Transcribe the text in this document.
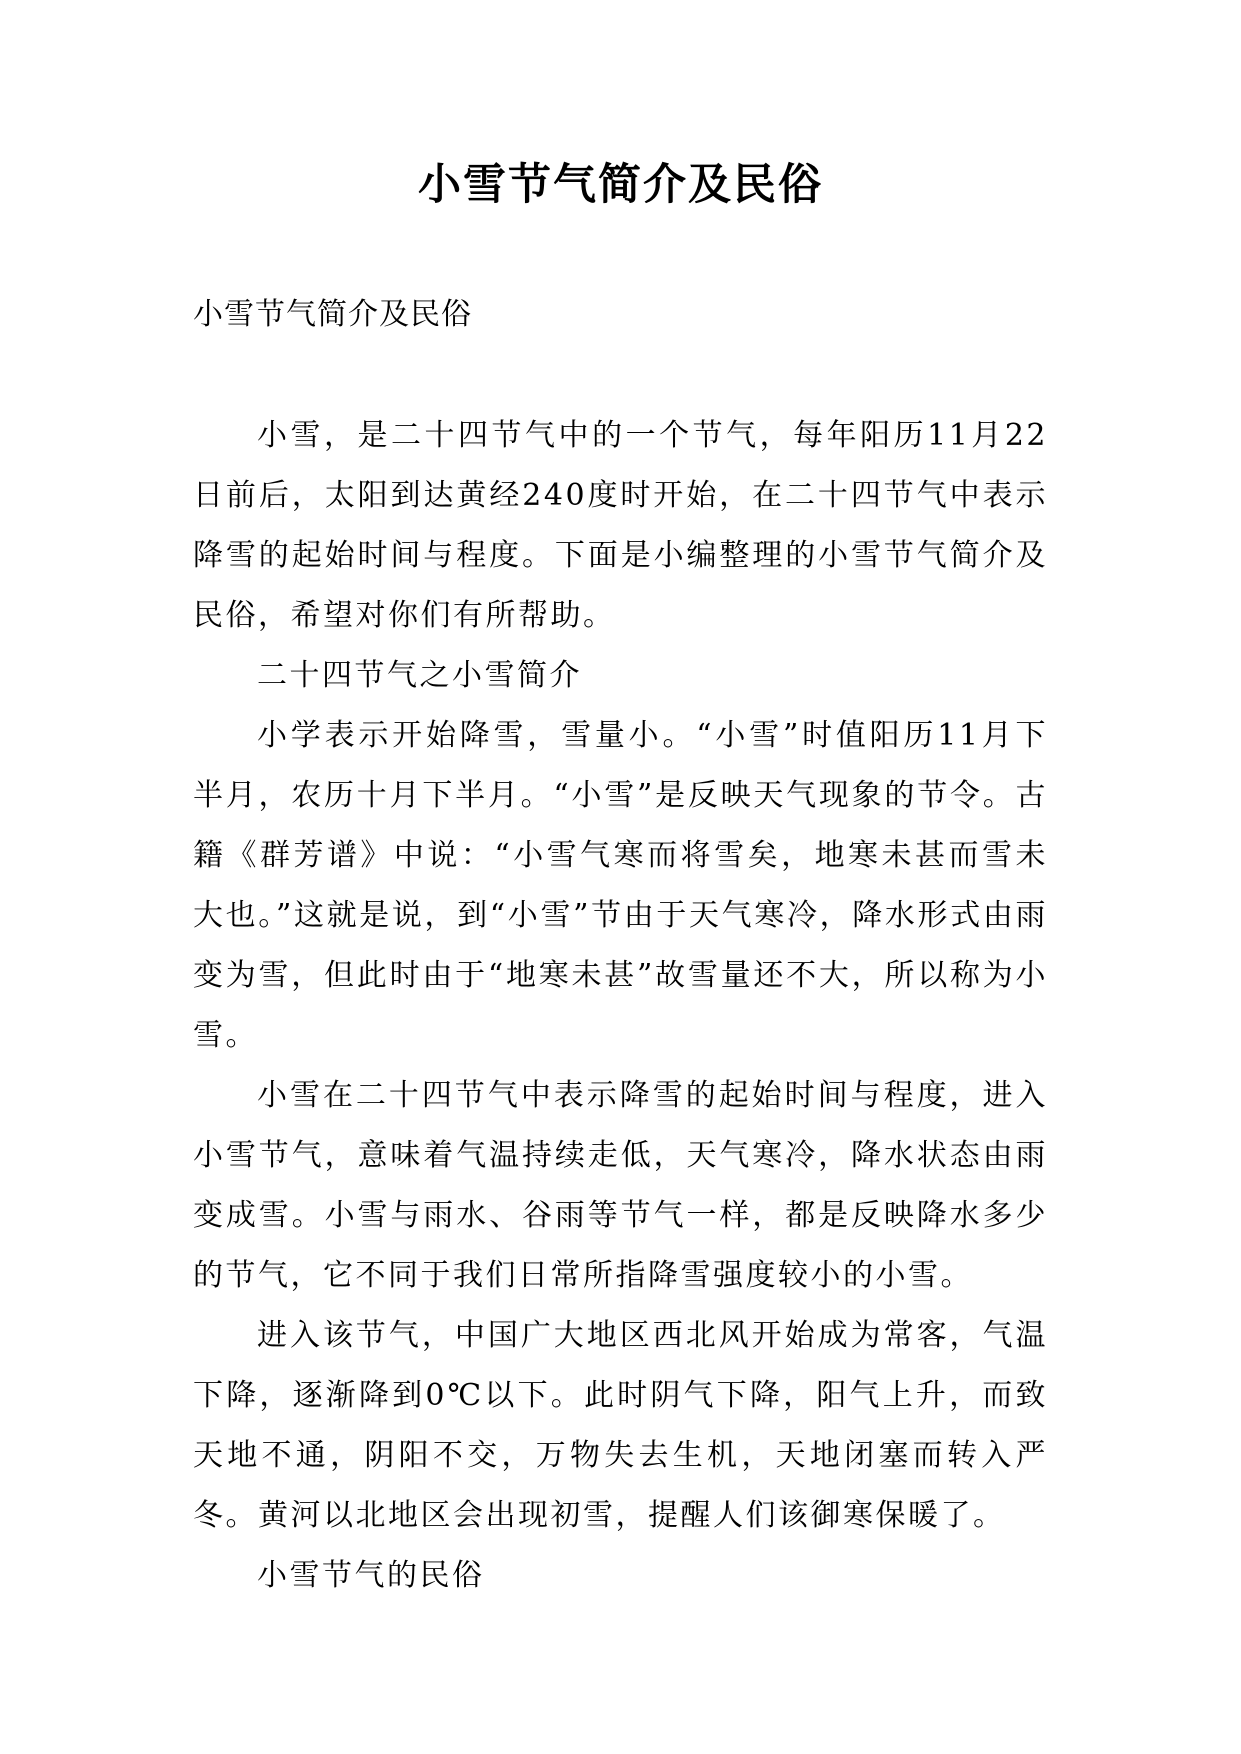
小雪节气简介及民俗
小雪节气简介及民俗

小雪，是二十四节气中的一个节气，每年阳历11月22日前后，太阳到达黄经240度时开始，在二十四节气中表示降雪的起始时间与程度。下面是小编整理的小雪节气简介及民俗，希望对你们有所帮助。

二十四节气之小雪简介

小学表示开始降雪，雪量小。“小雪”时值阳历11月下半月，农历十月下半月。“小雪”是反映天气现象的节令。古籍《群芳谱》中说：“小雪气寒而将雪矣，地寒未甚而雪未大也。”这就是说，到“小雪”节由于天气寒冷，降水形式由雨变为雪，但此时由于“地寒未甚”故雪量还不大，所以称为小雪。

小雪在二十四节气中表示降雪的起始时间与程度，进入小雪节气，意味着气温持续走低，天气寒冷，降水状态由雨变成雪。小雪与雨水、谷雨等节气一样，都是反映降水多少的节气，它不同于我们日常所指降雪强度较小的小雪。

进入该节气，中国广大地区西北风开始成为常客，气温下降，逐渐降到0℃以下。此时阴气下降，阳气上升，而致天地不通，阴阳不交，万物失去生机，天地闭塞而转入严冬。黄河以北地区会出现初雪，提醒人们该御寒保暖了。

小雪节气的民俗
